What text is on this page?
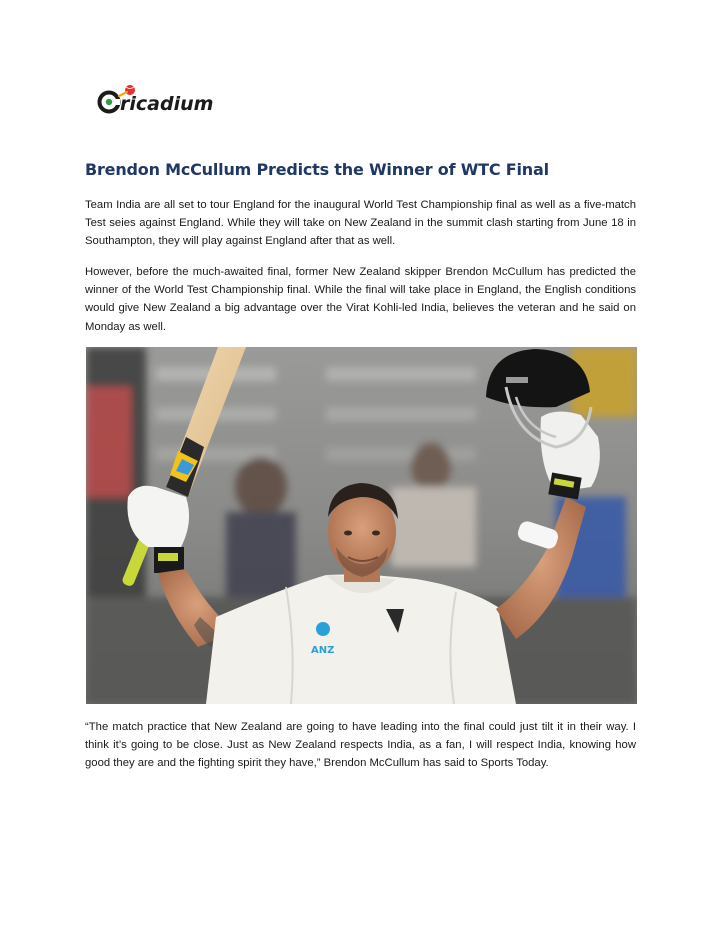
ricadium
Brendon McCullum Predicts the Winner of WTC Final

Team India are all set to tour England for the inaugural World Test Championship final as well as a five-match Test seies against England. While they will take on New Zealand in the summit clash starting from June 18 in Southampton, they will play against England after that as well.

However, before the much-awaited final, former New Zealand skipper Brendon McCullum has predicted the winner of the World Test Championship final. While the final will take place in England, the English conditions would give New Zealand a big advantage over the Virat Kohli-led India, believes the veteran and he said on Monday as well.

ANZ

“The match practice that New Zealand are going to have leading into the final could just tilt it in their way. I think it’s going to be close. Just as New Zealand respects India, as a fan, I will respect India, knowing how good they are and the fighting spirit they have,” Brendon McCullum has said to Sports Today.
